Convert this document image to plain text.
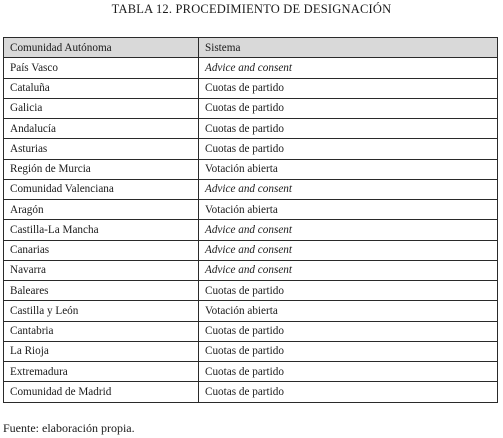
TABLA 12. PROCEDIMIENTO DE DESIGNACIÓN
Comunidad Autónoma	Sistema
País Vasco	Advice and consent
Cataluña	Cuotas de partido
Galicia	Cuotas de partido
Andalucía	Cuotas de partido
Asturias	Cuotas de partido
Región de Murcia	Votación abierta
Comunidad Valenciana	Advice and consent
Aragón	Votación abierta
Castilla-La Mancha	Advice and consent
Canarias	Advice and consent
Navarra	Advice and consent
Baleares	Cuotas de partido
Castilla y León	Votación abierta
Cantabria	Cuotas de partido
La Rioja	Cuotas de partido
Extremadura	Cuotas de partido
Comunidad de Madrid	Cuotas de partido
Fuente: elaboración propia.
